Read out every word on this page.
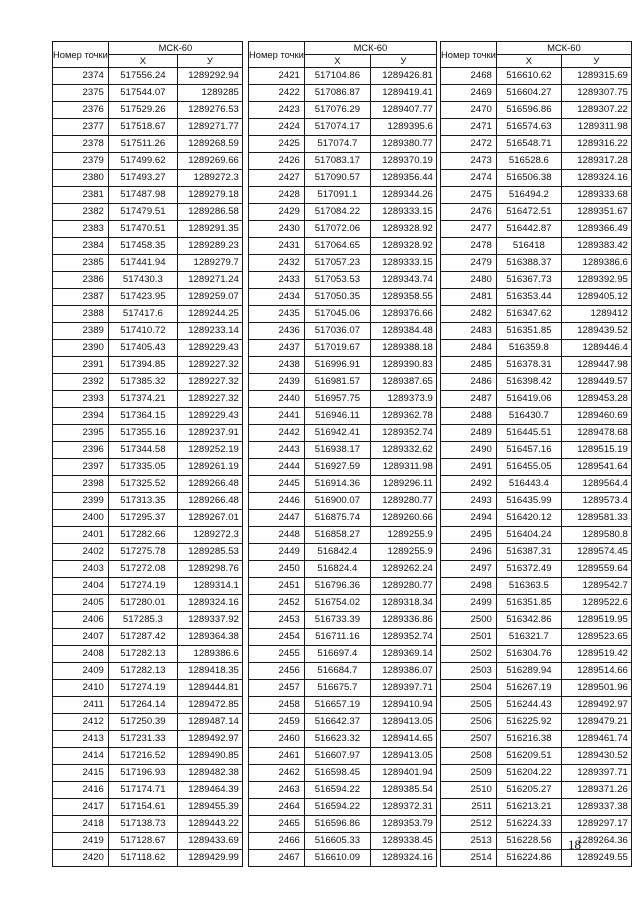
Номер точки	МСК-60	
	X	У
2374	517556.24	1289292.94
2375	517544.07	1289285
2376	517529.26	1289276.53
2377	517518.67	1289271.77
2378	517511.26	1289268.59
2379	517499.62	1289269.66
2380	517493.27	1289272.3
2381	517487.98	1289279.18
2382	517479.51	1289286.58
2383	517470.51	1289291.35
2384	517458.35	1289289.23
2385	517441.94	1289279.7
2386	517430.3	1289271.24
2387	517423.95	1289259.07
2388	517417.6	1289244.25
2389	517410.72	1289233.14
2390	517405.43	1289229.43
2391	517394.85	1289227.32
2392	517385.32	1289227.32
2393	517374.21	1289227.32
2394	517364.15	1289229.43
2395	517355.16	1289237.91
2396	517344.58	1289252.19
2397	517335.05	1289261.19
2398	517325.52	1289266.48
2399	517313.35	1289266.48
2400	517295.37	1289267.01
2401	517282.66	1289272.3
2402	517275.78	1289285.53
2403	517272.08	1289298.76
2404	517274.19	1289314.1
2405	517280.01	1289324.16
2406	517285.3	1289337.92
2407	517287.42	1289364.38
2408	517282.13	1289386.6
2409	517282.13	1289418.35
2410	517274.19	1289444.81
2411	517264.14	1289472.85
2412	517250.39	1289487.14
2413	517231.33	1289492.97
2414	517216.52	1289490.85
2415	517196.93	1289482.38
2416	517174.71	1289464.39
2417	517154.61	1289455.39
2418	517138.73	1289443.22
2419	517128.67	1289433.69
2420	517118.62	1289429.99
Номер точки	МСК-60	
	X	У
2421	517104.86	1289426.81
2422	517086.87	1289419.41
2423	517076.29	1289407.77
2424	517074.17	1289395.6
2425	517074.7	1289380.77
2426	517083.17	1289370.19
2427	517090.57	1289356.44
2428	517091.1	1289344.26
2429	517084.22	1289333.15
2430	517072.06	1289328.92
2431	517064.65	1289328.92
2432	517057.23	1289333.15
2433	517053.53	1289343.74
2434	517050.35	1289358.55
2435	517045.06	1289376.66
2436	517036.07	1289384.48
2437	517019.67	1289388.18
2438	516996.91	1289390.83
2439	516981.57	1289387.65
2440	516957.75	1289373.9
2441	516946.11	1289362.78
2442	516942.41	1289352.74
2443	516938.17	1289332.62
2444	516927.59	1289311.98
2445	516914.36	1289296.11
2446	516900.07	1289280.77
2447	516875.74	1289260.66
2448	516858.27	1289255.9
2449	516842.4	1289255.9
2450	516824.4	1289262.24
2451	516796.36	1289280.77
2452	516754.02	1289318.34
2453	516733.39	1289336.86
2454	516711.16	1289352.74
2455	516697.4	1289369.14
2456	516684.7	1289386.07
2457	516675.7	1289397.71
2458	516657.19	1289410.94
2459	516642.37	1289413.05
2460	516623.32	1289414.65
2461	516607.97	1289413.05
2462	516598.45	1289401.94
2463	516594.22	1289385.54
2464	516594.22	1289372.31
2465	516596.86	1289353.79
2466	516605.33	1289338.45
2467	516610.09	1289324.16
Номер точки	МСК-60	
	X	У
2468	516610.62	1289315.69
2469	516604.27	1289307.75
2470	516596.86	1289307.22
2471	516574.63	1289311.98
2472	516548.71	1289316.22
2473	516528.6	1289317.28
2474	516506.38	1289324.16
2475	516494.2	1289333.68
2476	516472.51	1289351.67
2477	516442.87	1289366.49
2478	516418	1289383.42
2479	516388.37	1289386.6
2480	516367.73	1289392.95
2481	516353.44	1289405.12
2482	516347.62	1289412
2483	516351.85	1289439.52
2484	516359.8	1289446.4
2485	516378.31	1289447.98
2486	516398.42	1289449.57
2487	516419.06	1289453.28
2488	516430.7	1289460.69
2489	516445.51	1289478.68
2490	516457.16	1289515.19
2491	516455.05	1289541.64
2492	516443.4	1289564.4
2493	516435.99	1289573.4
2494	516420.12	1289581.33
2495	516404.24	1289580.8
2496	516387.31	1289574.45
2497	516372.49	1289559.64
2498	516363.5	1289542.7
2499	516351.85	1289522.6
2500	516342.86	1289519.95
2501	516321.7	1289523.65
2502	516304.76	1289519.42
2503	516289.94	1289514.66
2504	516267.19	1289501.96
2505	516244.43	1289492.97
2506	516225.92	1289479.21
2507	516216.38	1289461.74
2508	516209.51	1289430.52
2509	516204.22	1289397.71
2510	516205.27	1289371.26
2511	516213.21	1289337.38
2512	516224.33	1289297.17
2513	516228.56	1289264.36
2514	516224.86	1289249.55
18
